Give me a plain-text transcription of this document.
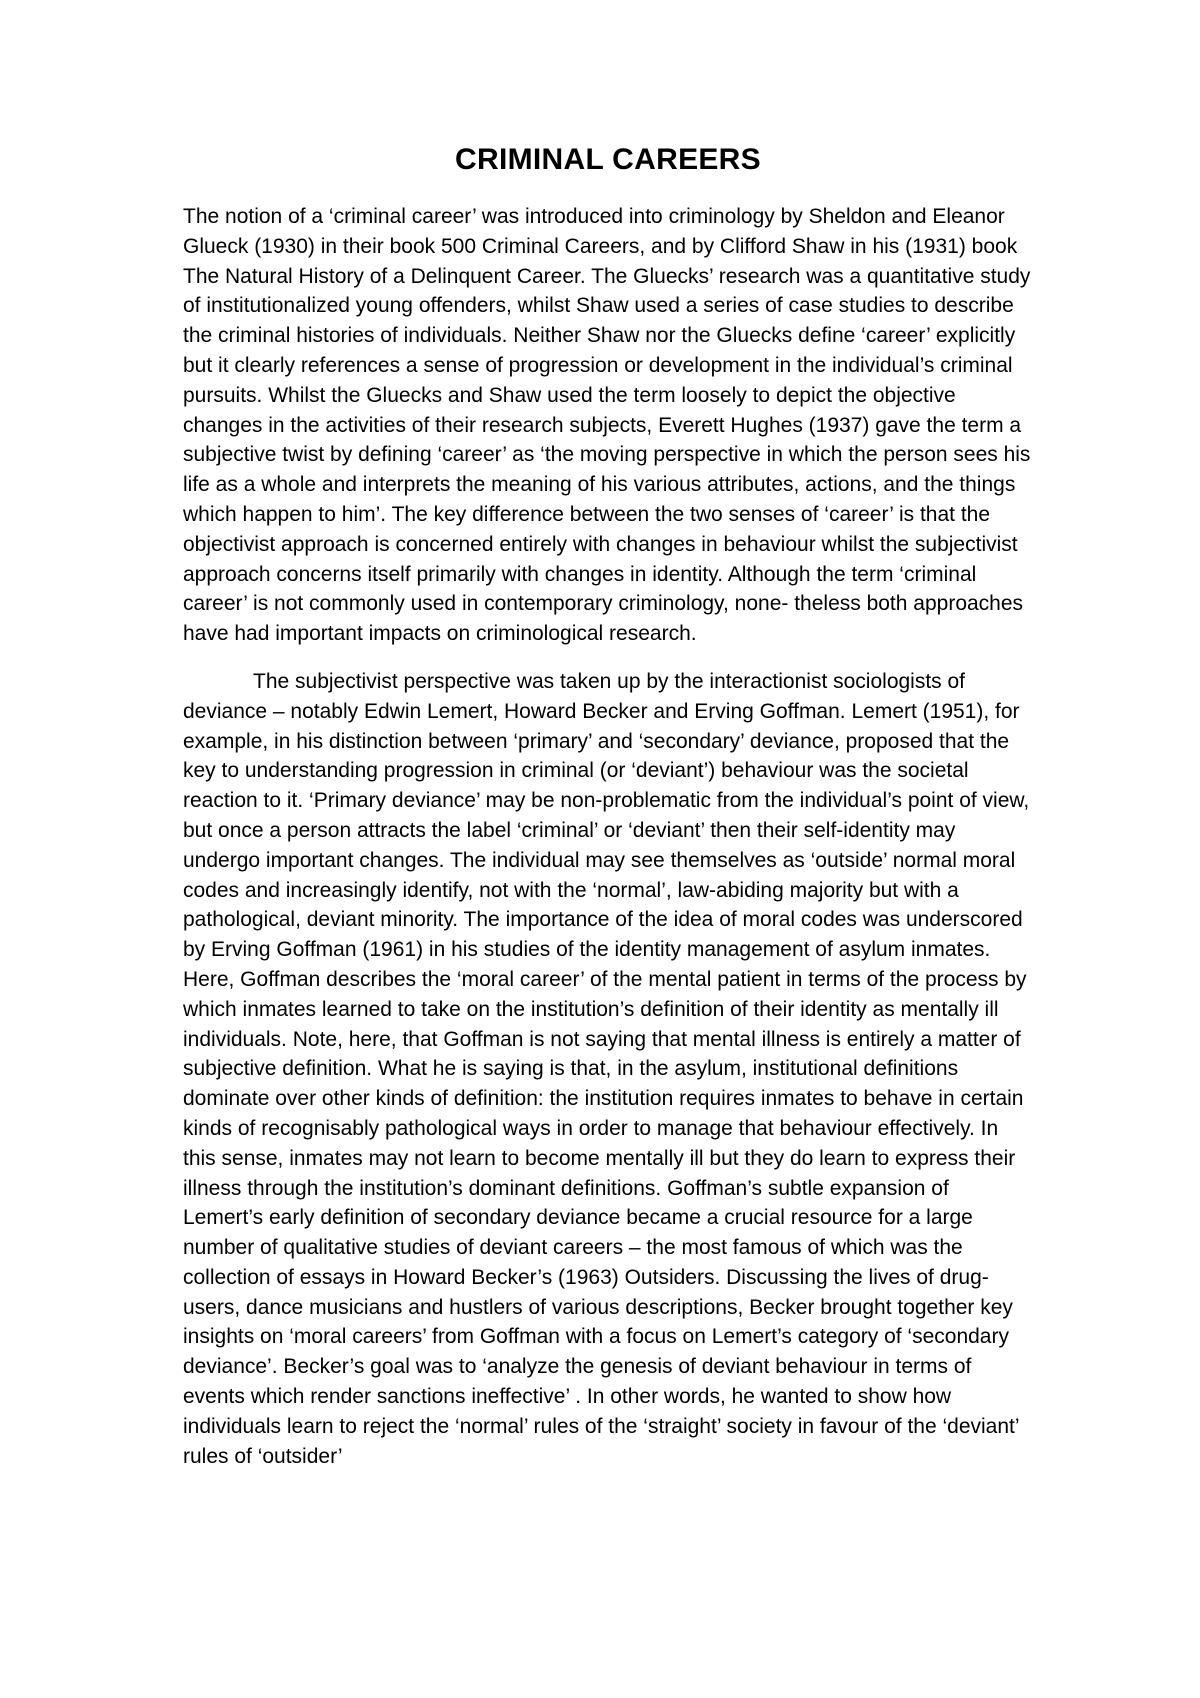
CRIMINAL CAREERS

The notion of a ‘criminal career’ was introduced into criminology by Sheldon and Eleanor Glueck (1930) in their book 500 Criminal Careers, and by Clifford Shaw in his (1931) book The Natural History of a Delinquent Career. The Gluecks’ research was a quantitative study of institutionalized young offenders, whilst Shaw used a series of case studies to describe the criminal histories of individuals. Neither Shaw nor the Gluecks define ‘career’ explicitly but it clearly references a sense of progression or development in the individual’s criminal pursuits. Whilst the Gluecks and Shaw used the term loosely to depict the objective changes in the activities of their research subjects, Everett Hughes (1937) gave the term a subjective twist by defining ‘career’ as ‘the moving perspective in which the person sees his life as a whole and interprets the meaning of his various attributes, actions, and the things which happen to him’. The key difference between the two senses of ‘career’ is that the objectivist approach is concerned entirely with changes in behaviour whilst the subjectivist approach concerns itself primarily with changes in identity. Although the term ‘criminal career’ is not commonly used in contemporary criminology, none- theless both approaches have had important impacts on criminological research.

The subjectivist perspective was taken up by the interactionist sociologists of deviance – notably Edwin Lemert, Howard Becker and Erving Goffman. Lemert (1951), for example, in his distinction between ‘primary’ and ‘secondary’ deviance, proposed that the key to understanding progression in criminal (or ‘deviant’) behaviour was the societal reaction to it. ‘Primary deviance’ may be non-problematic from the individual’s point of view, but once a person attracts the label ‘criminal’ or ‘deviant’ then their self-identity may undergo important changes. The individual may see themselves as ‘outside’ normal moral codes and increasingly identify, not with the ‘normal’, law-abiding majority but with a pathological, deviant minority. The importance of the idea of moral codes was underscored by Erving Goffman (1961) in his studies of the identity management of asylum inmates. Here, Goffman describes the ‘moral career’ of the mental patient in terms of the process by which inmates learned to take on the institution’s definition of their identity as mentally ill individuals. Note, here, that Goffman is not saying that mental illness is entirely a matter of subjective definition. What he is saying is that, in the asylum, institutional definitions dominate over other kinds of definition: the institution requires inmates to behave in certain kinds of recognisably pathological ways in order to manage that behaviour effectively. In this sense, inmates may not learn to become mentally ill but they do learn to express their illness through the institution’s dominant definitions. Goffman’s subtle expansion of Lemert’s early definition of secondary deviance became a crucial resource for a large number of qualitative studies of deviant careers – the most famous of which was the collection of essays in Howard Becker’s (1963) Outsiders. Discussing the lives of drug-users, dance musicians and hustlers of various descriptions, Becker brought together key insights on ‘moral careers’ from Goffman with a focus on Lemert’s category of ‘secondary deviance’. Becker’s goal was to ‘analyze the genesis of deviant behaviour in terms of events which render sanctions ineffective’ . In other words, he wanted to show how individuals learn to reject the ‘normal’ rules of the ‘straight’ society in favour of the ‘deviant’ rules of ‘outsider’
